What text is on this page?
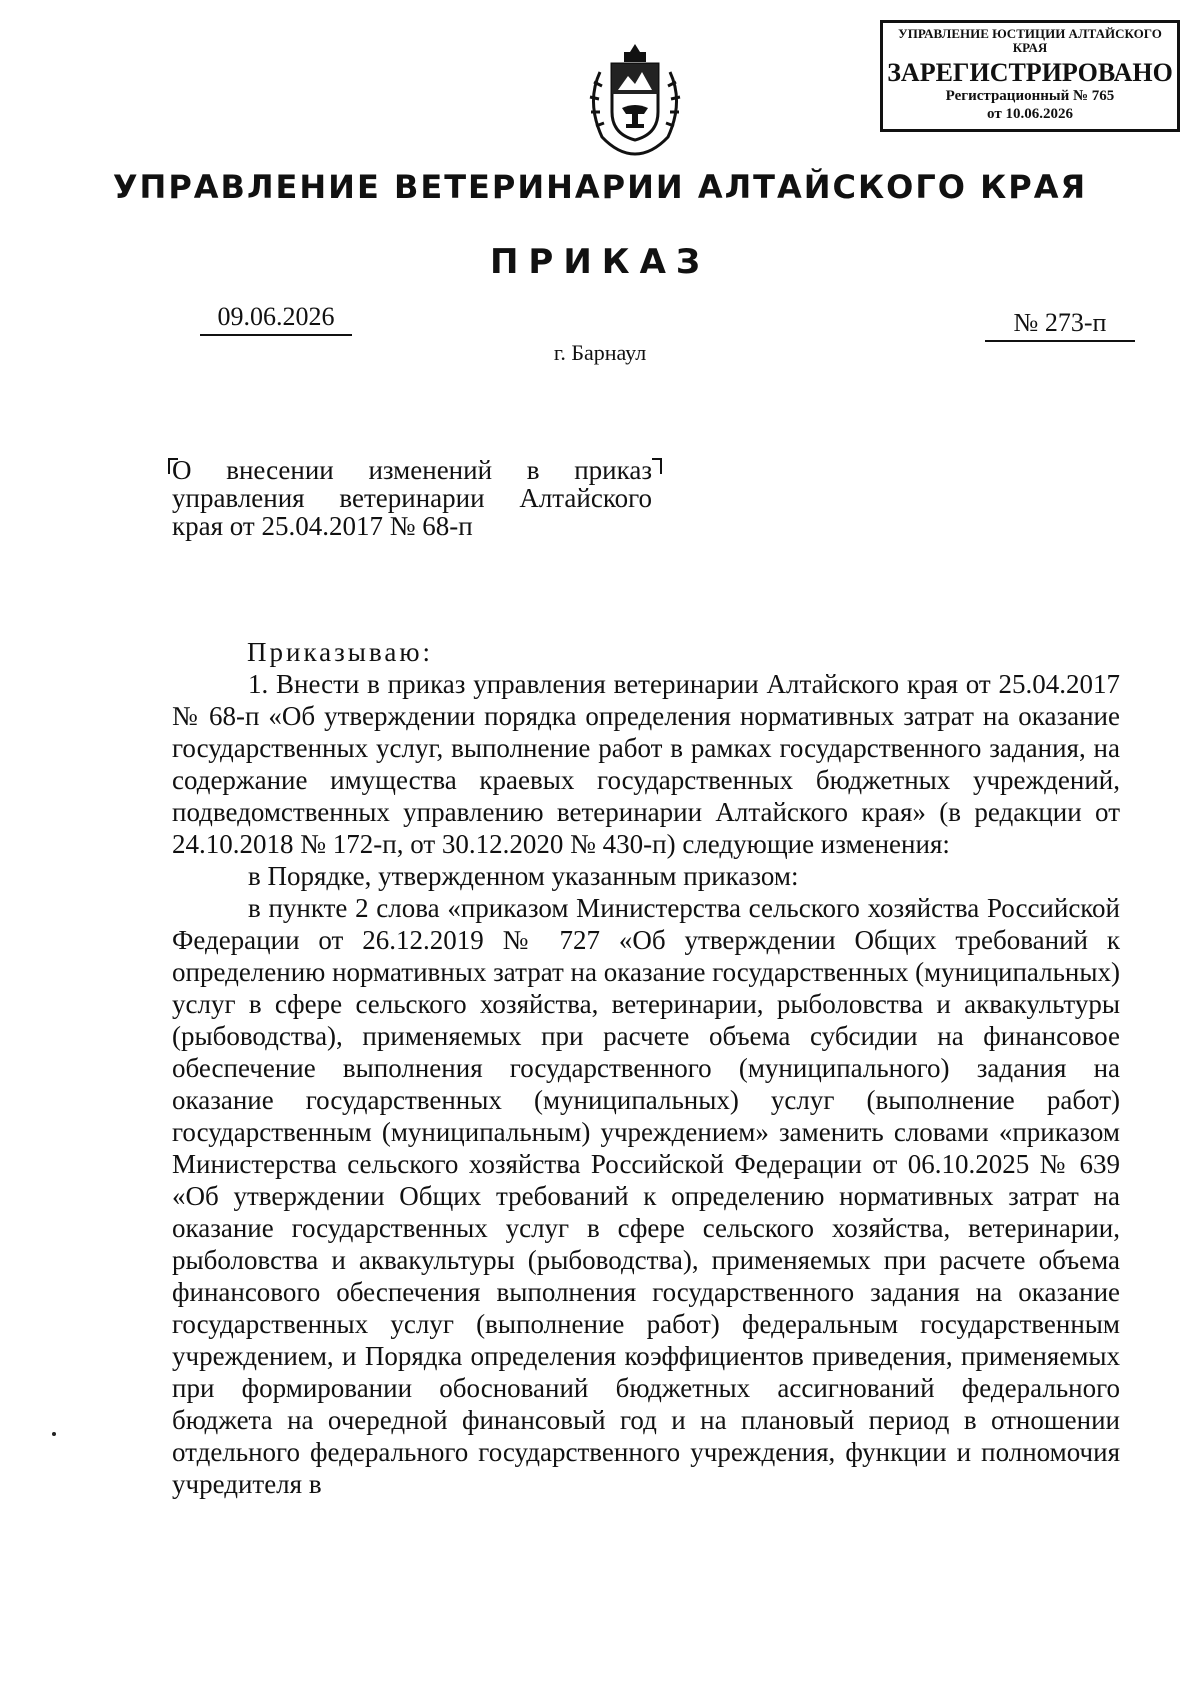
УПРАВЛЕНИЕ ЮСТИЦИИ АЛТАЙСКОГО КРАЯ
ЗАРЕГИСТРИРОВАНО
Регистрационный № 765
от 10.06.2026
УПРАВЛЕНИЕ ВЕТЕРИНАРИИ АЛТАЙСКОГО КРАЯ
ПРИКАЗ
09.06.2026	№ 273-п
г. Барнаул
О внесении изменений в приказ
управления ветеринарии Алтайского
края от 25.04.2017 № 68-п

Приказываю:

1. Внести в приказ управления ветеринарии Алтайского края от 25.04.2017 № 68-п «Об утверждении порядка определения нормативных затрат на оказание государственных услуг, выполнение работ в рамках государственного задания, на содержание имущества краевых государственных бюджетных учреждений, подведомственных управлению ветеринарии Алтайского края» (в редакции от 24.10.2018 № 172-п, от 30.12.2020 № 430-п) следующие изменения:

в Порядке, утвержденном указанным приказом:

в пункте 2 слова «приказом Министерства сельского хозяйства Российской Федерации от 26.12.2019 № 727 «Об утверждении Общих требований к определению нормативных затрат на оказание государственных (муниципальных) услуг в сфере сельского хозяйства, ветеринарии, рыболовства и аквакультуры (рыбоводства), применяемых при расчете объема субсидии на финансовое обеспечение выполнения государственного (муниципального) задания на оказание государственных (муниципальных) услуг (выполнение работ) государственным (муниципальным) учреждением» заменить словами «приказом Министерства сельского хозяйства Российской Федерации от 06.10.2025 № 639 «Об утверждении Общих требований к определению нормативных затрат на оказание государственных услуг в сфере сельского хозяйства, ветеринарии, рыболовства и аквакультуры (рыбоводства), применяемых при расчете объема финансового обеспечения выполнения государственного задания на оказание государственных услуг (выполнение работ) федеральным государственным учреждением, и Порядка определения коэффициентов приведения, применяемых при формировании обоснований бюджетных ассигнований федерального бюджета на очередной финансовый год и на плановый период в отношении отдельного федерального государственного учреждения, функции и полномочия учредителя в
